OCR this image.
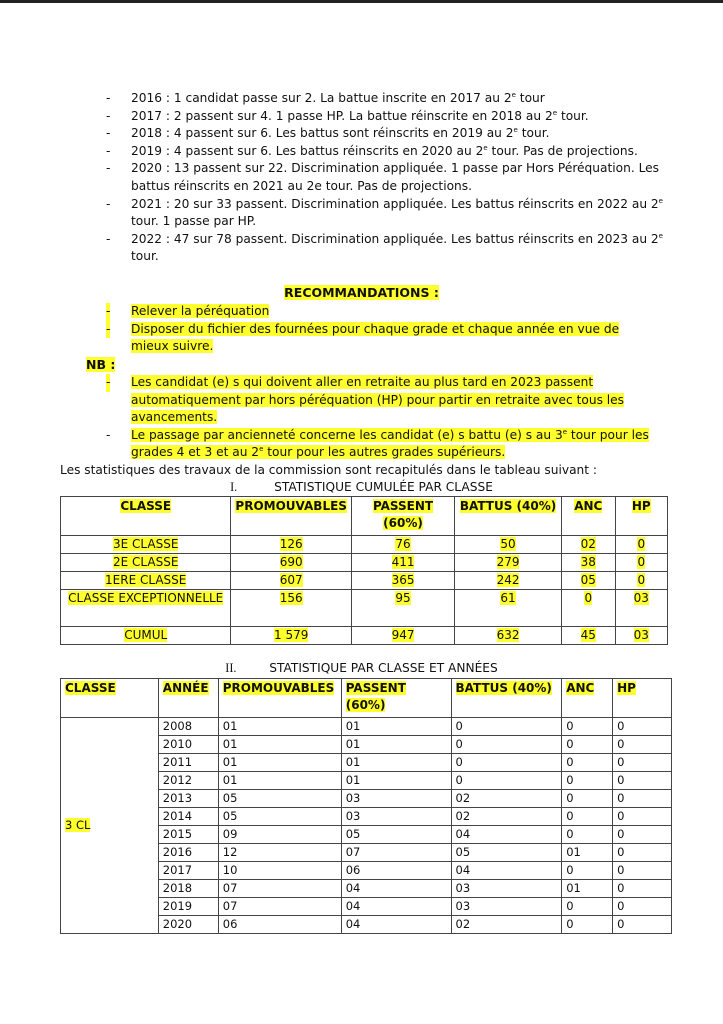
- 2016 : 1 candidat passe sur 2. La battue inscrite en 2017 au 2e tour
- 2017 : 2 passent sur 4. 1 passe HP. La battue réinscrite en 2018 au 2e tour.
- 2018 : 4 passent sur 6. Les battus sont réinscrits en 2019 au 2e tour.
- 2019 : 4 passent sur 6. Les battus réinscrits en 2020 au 2e tour. Pas de projections.
- 2020 : 13 passent sur 22. Discrimination appliquée. 1 passe par Hors Péréquation. Les battus réinscrits en 2021 au 2e tour. Pas de projections.
- 2021 : 20 sur 33 passent. Discrimination appliquée. Les battus réinscrits en 2022 au 2e tour. 1 passe par HP.
- 2022 : 47 sur 78 passent. Discrimination appliquée. Les battus réinscrits en 2023 au 2e tour.
RECOMMANDATIONS :
- Relever la péréquation
- Disposer du fichier des fournées pour chaque grade et chaque année en vue de mieux suivre.
NB :
- Les candidat (e) s qui doivent aller en retraite au plus tard en 2023 passent automatiquement par hors péréquation (HP) pour partir en retraite avec tous les avancements.
- Le passage par ancienneté concerne les candidat (e) s battu (e) s au 3e tour pour les grades 4 et 3 et au 2e tour pour les autres grades supérieurs.
Les statistiques des travaux de la commission sont recapitulés dans le tableau suivant :
I.	STATISTIQUE CUMULÉE PAR CLASSE
CLASSE	PROMOUVABLES	PASSENT (60%)	BATTUS (40%)	ANC	HP
3E CLASSE	126	76	50	02	0
2E CLASSE	690	411	279	38	0
1ERE CLASSE	607	365	242	05	0
CLASSE EXCEPTIONNELLE	156	95	61	0	03
CUMUL	1 579	947	632	45	03
II.	STATISTIQUE PAR CLASSE ET ANNÉES
CLASSE	ANNÉE	PROMOUVABLES	PASSENT (60%)	BATTUS (40%)	ANC	HP
3 CL	2008	01	01	0	0	0
	2010	01	01	0	0	0
	2011	01	01	0	0	0
	2012	01	01	0	0	0
	2013	05	03	02	0	0
	2014	05	03	02	0	0
	2015	09	05	04	0	0
	2016	12	07	05	01	0
	2017	10	06	04	0	0
	2018	07	04	03	01	0
	2019	07	04	03	0	0
	2020	06	04	02	0	0
